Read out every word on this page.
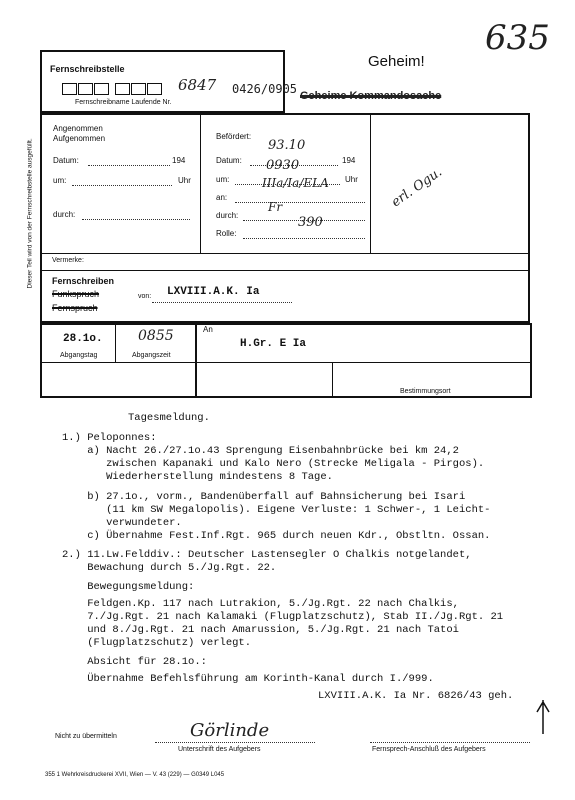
635
Geheim!
Dieser Teil wird von der Fernschreibstelle ausgefüllt.
Fernschreibstelle
Fernschreibname Laufende Nr.
6847 0426/0905 Geheime Kommandosache
Angenommen
Aufgenommen
Datum:	194
um:	Uhr
durch:
Befördert:
Datum:	194
um:	Uhr
an:
durch:
Rolle:
93.10
0930
IIIa/Ia/ELA
Fr
390
erl. Ogu.
Vermerke:
Fernschreiben
Funkspruch
Fernspruch
von: LXVIII.A.K. Ia
28.1o.
Abgangstag
0855
Abgangszeit
An
H.Gr. E Ia
Bestimmungsort
Tagesmeldung.
1.) Peloponnes:
a) Nacht 26./27.1o.43 Sprengung Eisenbahnbrücke bei km 24,2
zwischen Kapanaki und Kalo Nero (Strecke Meligala - Pirgos).
Wiederherstellung mindestens 8 Tage.
b) 27.1o., vorm., Bandenüberfall auf Bahnsicherung bei Isari
(11 km SW Megalopolis). Eigene Verluste: 1 Schwer-, 1 Leicht-
verwundeter.
c) Übernahme Fest.Inf.Rgt. 965 durch neuen Kdr., Obstltn. Ossan.
2.) 11.Lw.Felddiv.: Deutscher Lastensegler O Chalkis notgelandet,
Bewachung durch 5./Jg.Rgt. 22.
Bewegungsmeldung:
Feldgen.Kp. 117 nach Lutrakion, 5./Jg.Rgt. 22 nach Chalkis,
7./Jg.Rgt. 21 nach Kalamaki (Flugplatzschutz), Stab II./Jg.Rgt. 21
und 8./Jg.Rgt. 21 nach Amarussion, 5./Jg.Rgt. 21 nach Tatoi
(Flugplatzschutz) verlegt.
Absicht für 28.1o.:
Übernahme Befehlsführung am Korinth-Kanal durch I./999.
LXVIII.A.K. Ia Nr. 6826/43 geh.
Nicht zu übermitteln	Görlinde
Unterschrift des Aufgebers	Fernsprech-Anschluß des Aufgebers
355 1 Wehrkreisdruckerei XVII, Wien — V. 43 (229) — G0349 L045
